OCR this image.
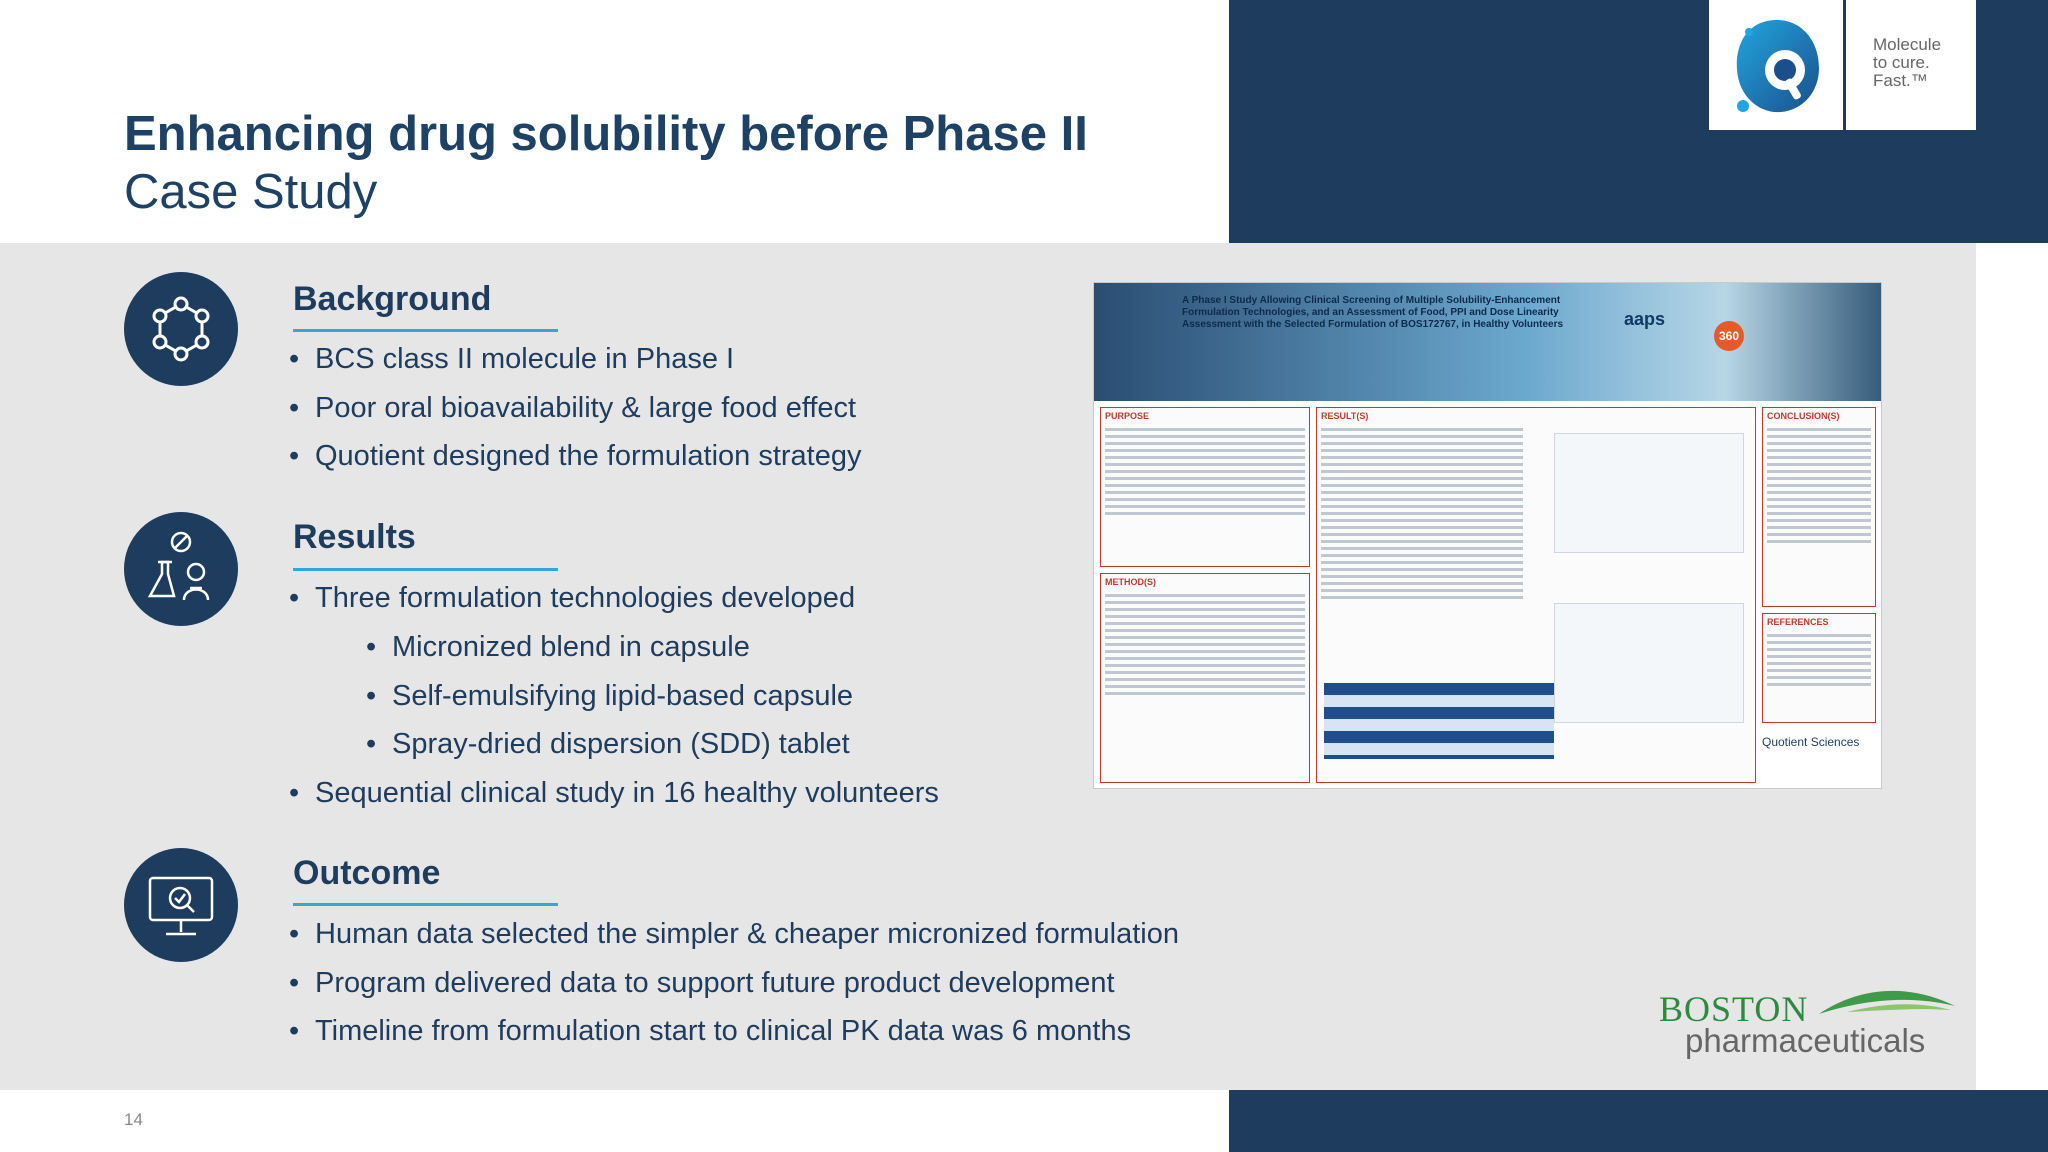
Molecule
to cure.
Fast.™
Enhancing drug solubility before Phase II
Case Study
Background
• BCS class II molecule in Phase I
• Poor oral bioavailability & large food effect
• Quotient designed the formulation strategy
Results
• Three formulation technologies developed
• Micronized blend in capsule
• Self-emulsifying lipid-based capsule
• Spray-dried dispersion (SDD) tablet
• Sequential clinical study in 16 healthy volunteers
Outcome
• Human data selected the simpler & cheaper micronized formulation
• Program delivered data to support future product development
• Timeline from formulation start to clinical PK data was 6 months
A Phase I Study Allowing Clinical Screening of Multiple Solubility-Enhancement Formulation Technologies, and an Assessment of Food, PPI and Dose Linearity Assessment with the Selected Formulation of BOS172767, in Healthy Volunteers	aaps
360
PURPOSE
METHOD(S)
RESULT(S)	CONCLUSION(S)
REFERENCES
Quotient Sciences
BOSTON
pharmaceuticals
14
